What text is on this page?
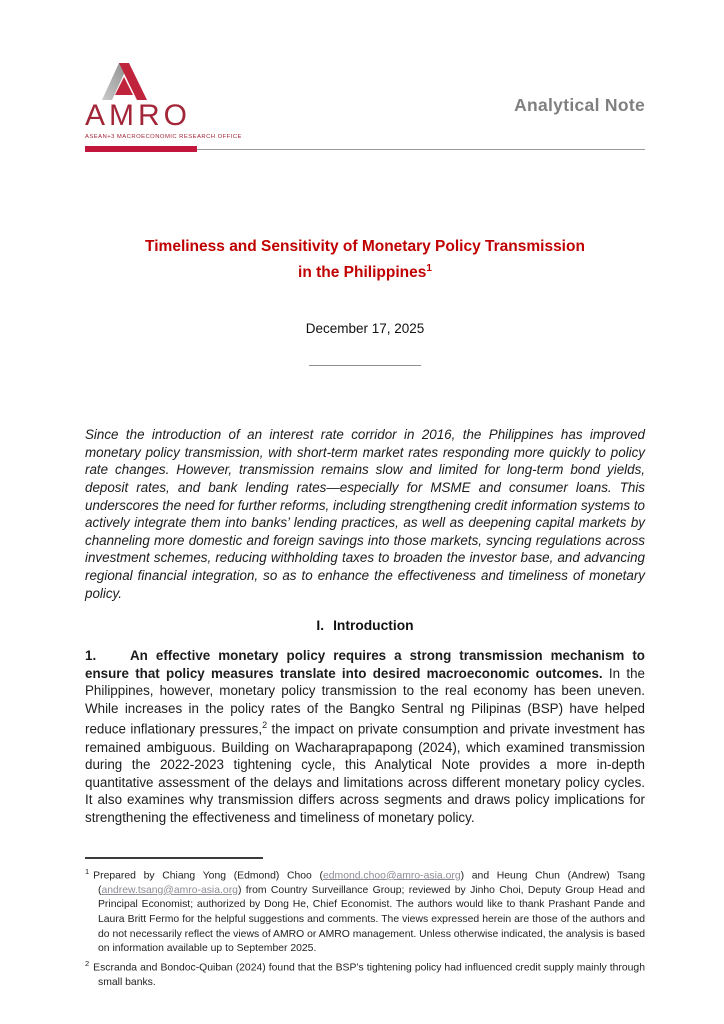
AMRO
ASEAN+3 MACROECONOMIC RESEARCH OFFICE
Analytical Note
Timeliness and Sensitivity of Monetary Policy Transmission
in the Philippines$^1$
December 17, 2025

Since the introduction of an interest rate corridor in 2016, the Philippines has improved monetary policy transmission, with short-term market rates responding more quickly to policy rate changes. However, transmission remains slow and limited for long-term bond yields, deposit rates, and bank lending rates—especially for MSME and consumer loans. This underscores the need for further reforms, including strengthening credit information systems to actively integrate them into banks’ lending practices, as well as deepening capital markets by channeling more domestic and foreign savings into those markets, syncing regulations across investment schemes, reducing withholding taxes to broaden the investor base, and advancing regional financial integration, so as to enhance the effectiveness and timeliness of monetary policy.

I. Introduction

1.	An effective monetary policy requires a strong transmission mechanism to ensure that policy measures translate into desired macroeconomic outcomes. In the Philippines, however, monetary policy transmission to the real economy has been uneven. While increases in the policy rates of the Bangko Sentral ng Pilipinas (BSP) have helped reduce inflationary pressures,$^2$ the impact on private consumption and private investment has remained ambiguous. Building on Wacharaprapapong (2024), which examined transmission during the 2022-2023 tightening cycle, this Analytical Note provides a more in-depth quantitative assessment of the delays and limitations across different monetary policy cycles. It also examines why transmission differs across segments and draws policy implications for strengthening the effectiveness and timeliness of monetary policy.

$^1$ Prepared by Chiang Yong (Edmond) Choo (edmond.choo@amro-asia.org) and Heung Chun (Andrew) Tsang (andrew.tsang@amro-asia.org) from Country Surveillance Group; reviewed by Jinho Choi, Deputy Group Head and Principal Economist; authorized by Dong He, Chief Economist. The authors would like to thank Prashant Pande and Laura Britt Fermo for the helpful suggestions and comments. The views expressed herein are those of the authors and do not necessarily reflect the views of AMRO or AMRO management. Unless otherwise indicated, the analysis is based on information available up to September 2025.

$^2$ Escranda and Bondoc-Quiban (2024) found that the BSP’s tightening policy had influenced credit supply mainly through small banks.
